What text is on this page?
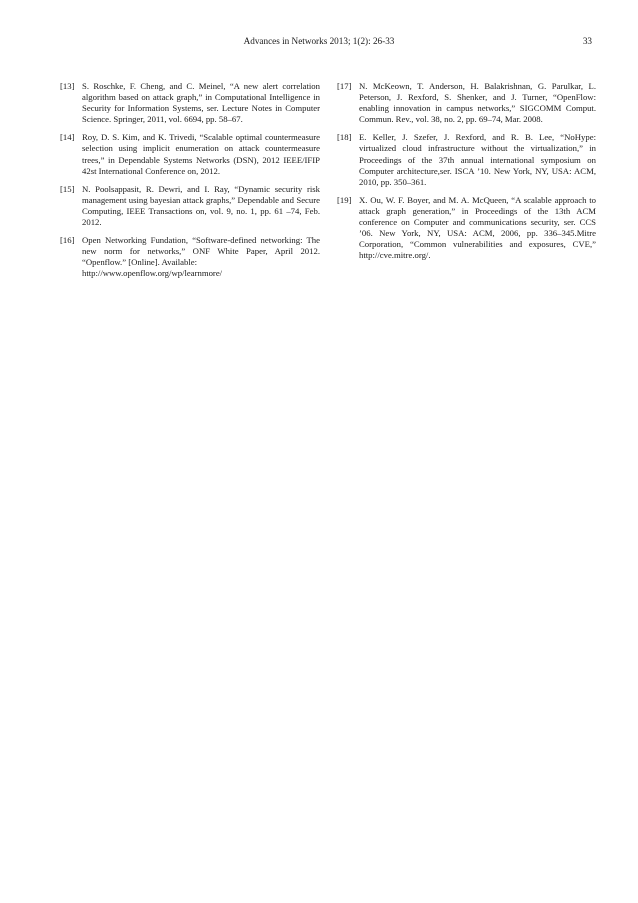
Advances in Networks 2013; 1(2): 26-33	33
[13] S. Roschke, F. Cheng, and C. Meinel, “A new alert correlation algorithm based on attack graph,” in Computational Intelligence in Security for Information Systems, ser. Lecture Notes in Computer Science. Springer, 2011, vol. 6694, pp. 58–67.
[14] Roy, D. S. Kim, and K. Trivedi, “Scalable optimal countermeasure selection using implicit enumeration on attack countermeasure trees,” in Dependable Systems Networks (DSN), 2012 IEEE/IFIP 42st International Conference on, 2012.
[15] N. Poolsappasit, R. Dewri, and I. Ray, “Dynamic security risk management using bayesian attack graphs,” Dependable and Secure Computing, IEEE Transactions on, vol. 9, no. 1, pp. 61 –74, Feb. 2012.
[16] Open Networking Fundation, “Software-defined networking: The new norm for networks,” ONF White Paper, April 2012. “Openflow.” [Online]. Available:
http://www.openflow.org/wp/learnmore/
[17] N. McKeown, T. Anderson, H. Balakrishnan, G. Parulkar, L. Peterson, J. Rexford, S. Shenker, and J. Turner, “OpenFlow: enabling innovation in campus networks,” SIGCOMM Comput. Commun. Rev., vol. 38, no. 2, pp. 69–74, Mar. 2008.
[18] E. Keller, J. Szefer, J. Rexford, and R. B. Lee, “NoHype: virtualized cloud infrastructure without the virtualization,” in Proceedings of the 37th annual international symposium on Computer architecture,ser. ISCA ’10. New York, NY, USA: ACM, 2010, pp. 350–361.
[19] X. Ou, W. F. Boyer, and M. A. McQueen, “A scalable approach to attack graph generation,” in Proceedings of the 13th ACM conference on Computer and communications security, ser. CCS ’06. New York, NY, USA: ACM, 2006, pp. 336–345.Mitre Corporation, “Common vulnerabilities and exposures, CVE,” http://cve.mitre.org/.
